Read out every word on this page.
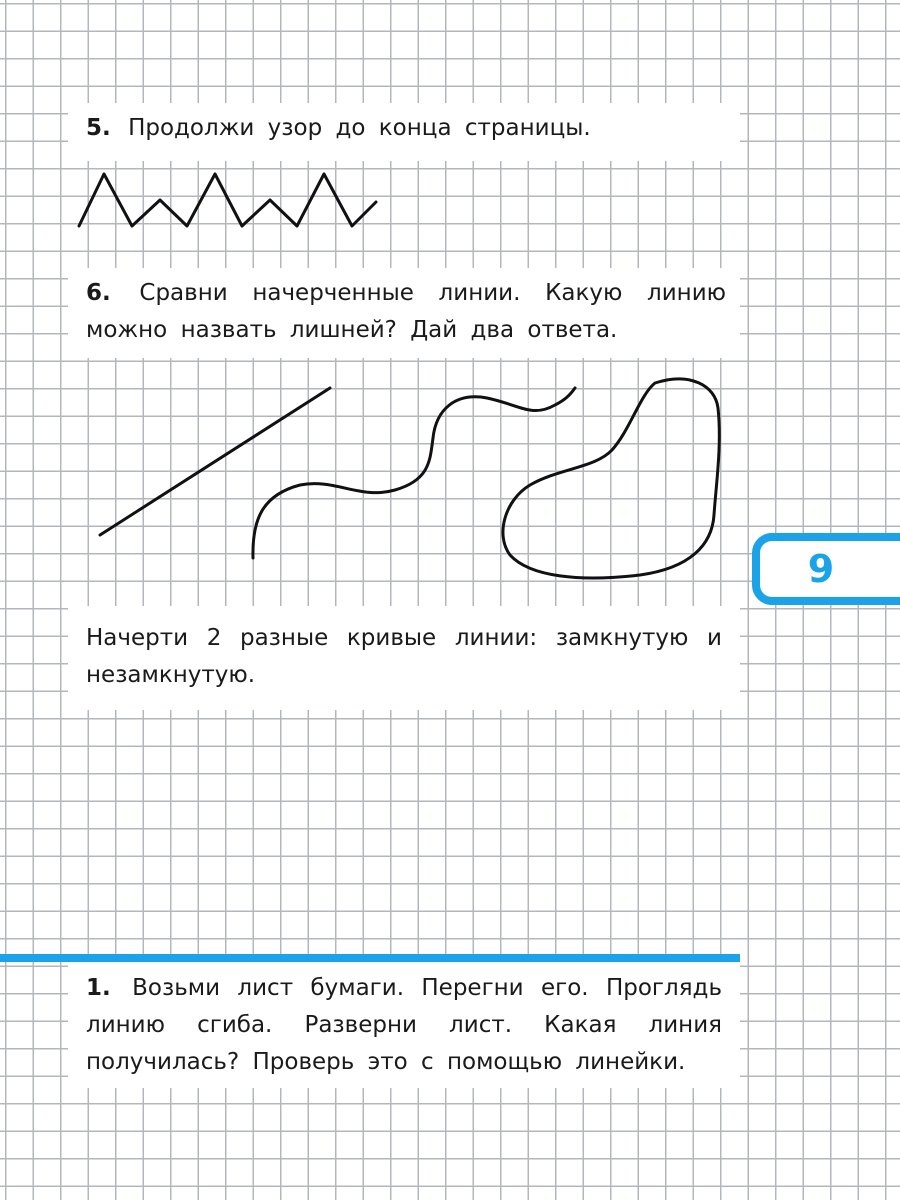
5. Продолжи узор до конца страницы.

6. Сравни начерченные линии. Какую линию можно назвать лишней? Дай два ответа.

9

Начерти 2 разные кривые линии: замкнутую и незамкнутую.

1. Возьми лист бумаги. Перегни его. Проглядь линию сгиба. Разверни лист. Какая линия получилась? Проверь это с помощью линейки.
